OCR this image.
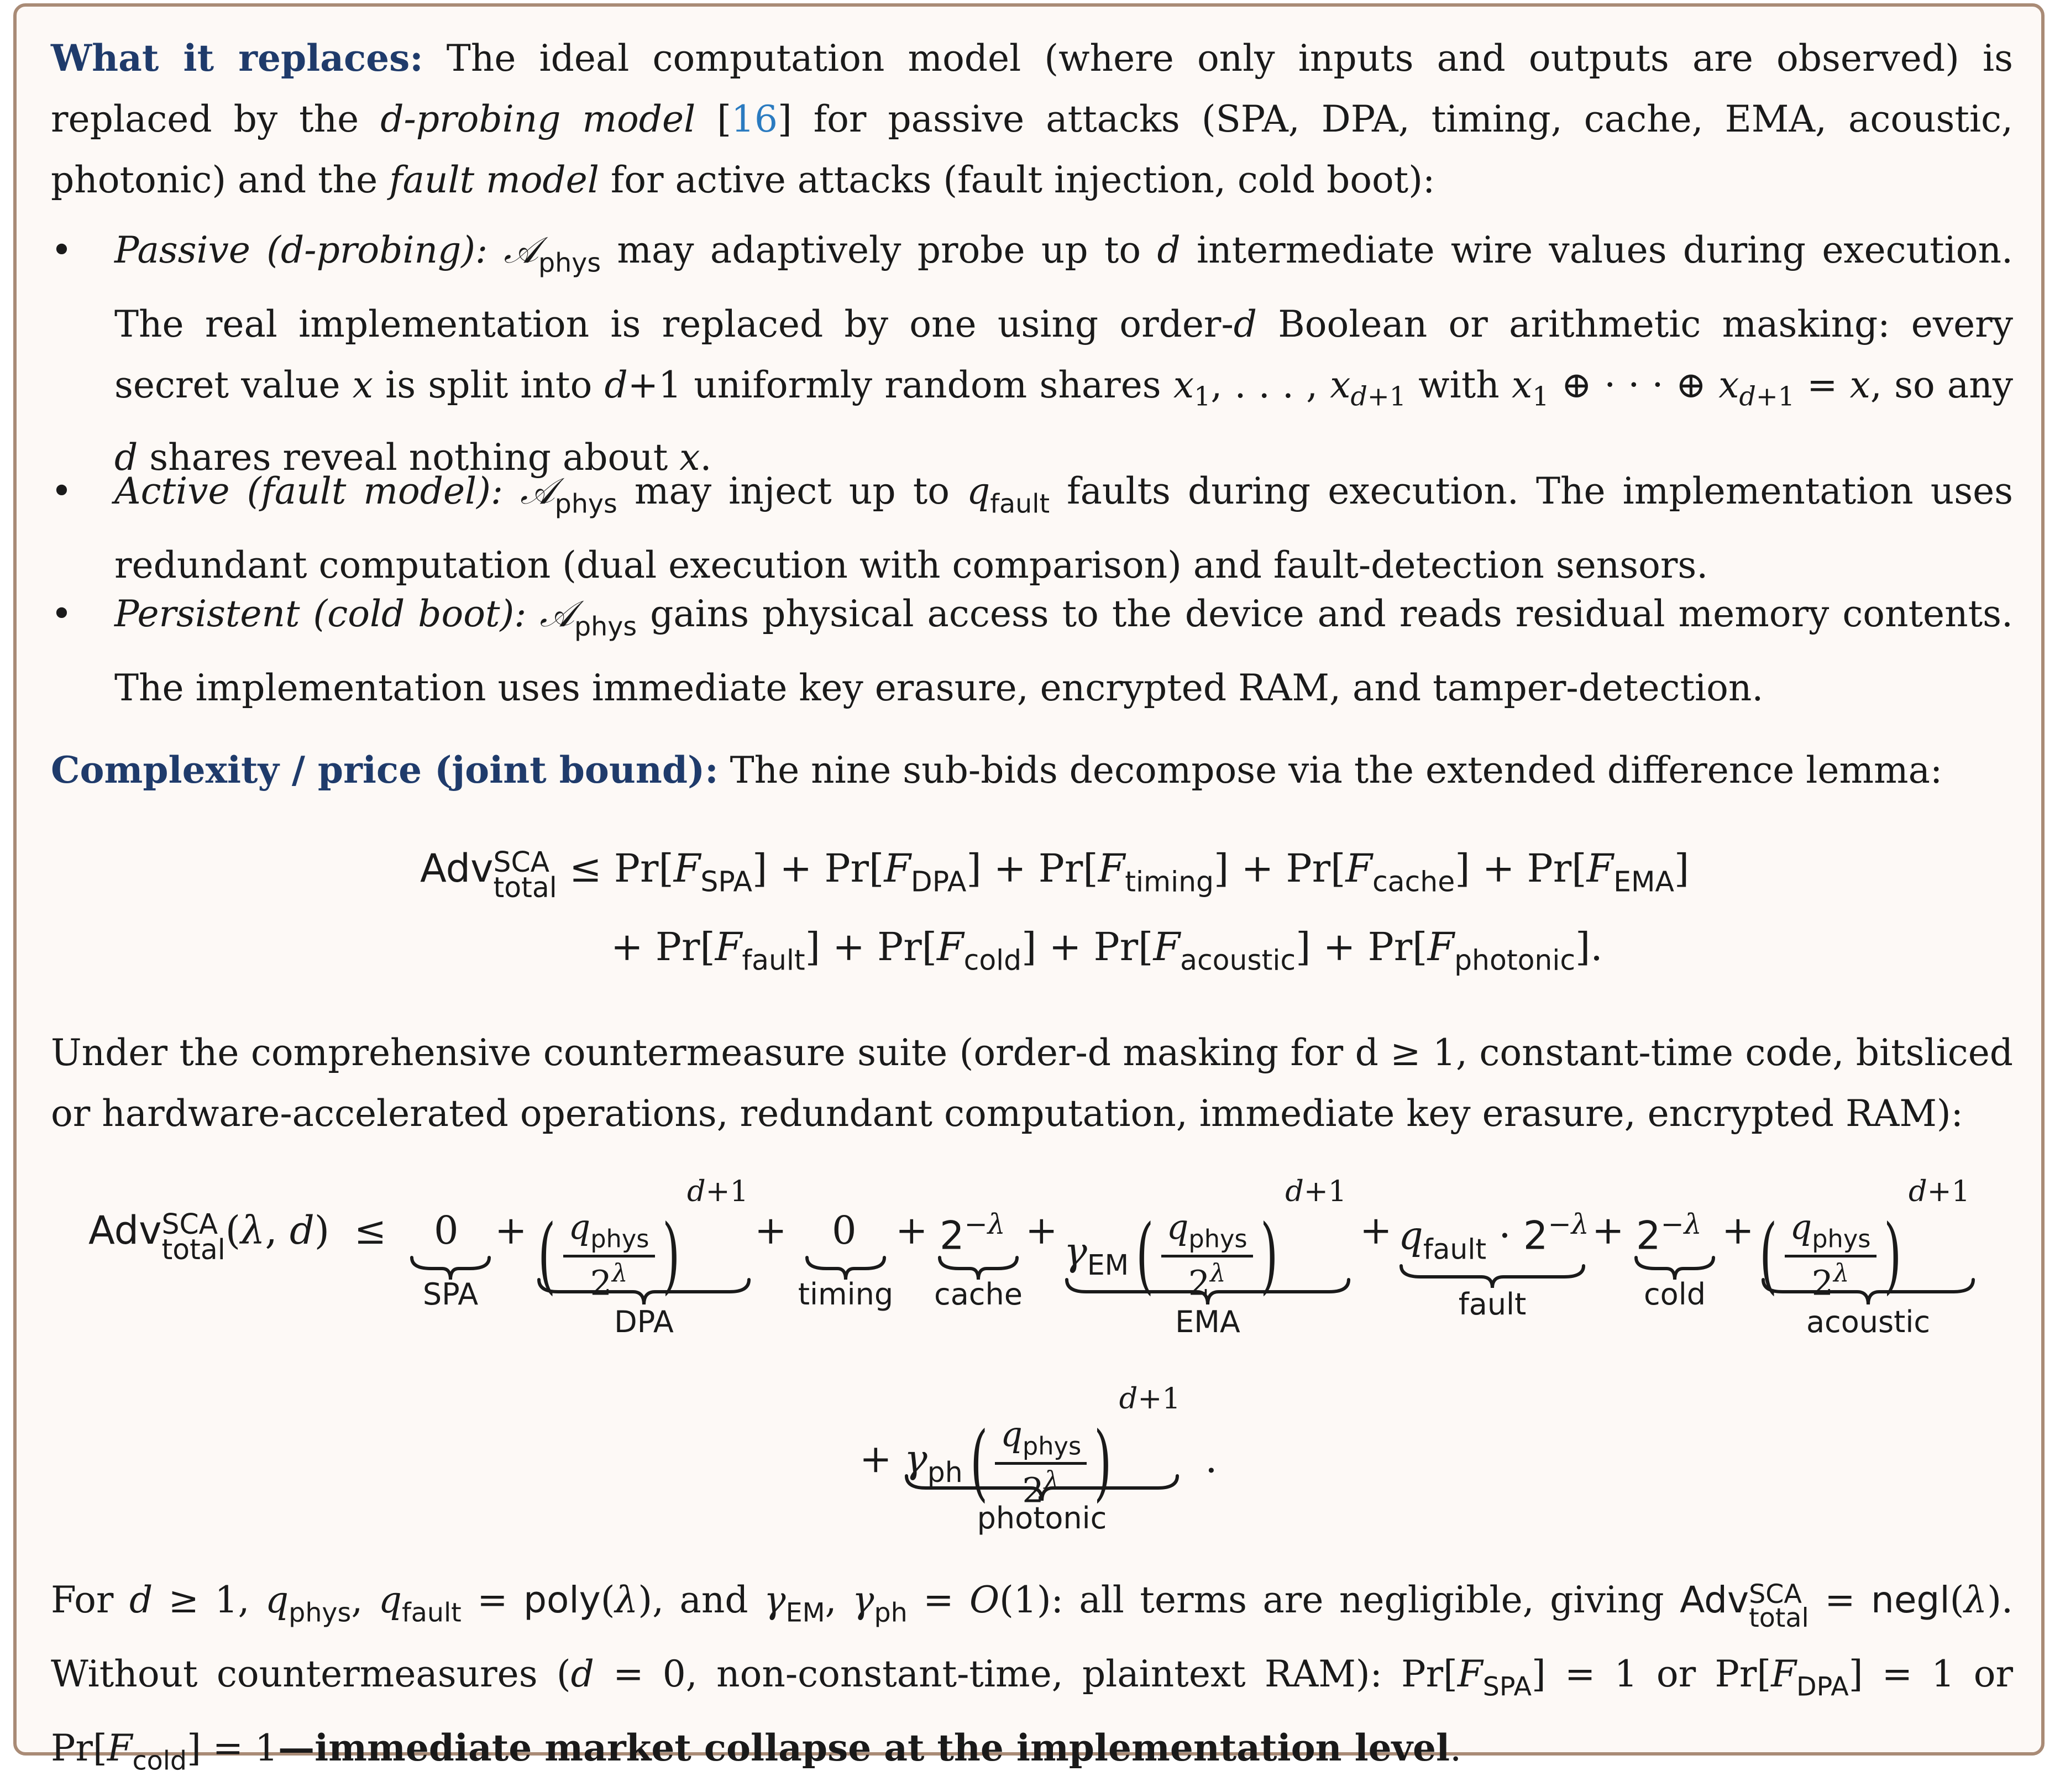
What it replaces: The ideal computation model (where only inputs and outputs are observed) is replaced by the d-probing model [16] for passive attacks (SPA, DPA, timing, cache, EMA, acoustic, photonic) and the fault model for active attacks (fault injection, cold boot):

• Passive (d-probing): 𝒜$_{phys}$ may adaptively probe up to d intermediate wire values during execution. The real implementation is replaced by one using order-d Boolean or arithmetic masking: every secret value x is split into d+1 uniformly random shares $x_1$, . . . , $x_{d+1}$ with $x_1$ ⊕ · · · ⊕ $x_{d+1} = x$, so any d shares reveal nothing about x.
• Active (fault model): 𝒜$_{phys}$ may inject up to $q_{fault}$ faults during execution. The implementation uses redundant computation (dual execution with comparison) and fault-detection sensors.
• Persistent (cold boot): 𝒜$_{phys}$ gains physical access to the device and reads residual memory contents. The implementation uses immediate key erasure, encrypted RAM, and tamper-detection.

Complexity / price (joint bound): The nine sub-bids decompose via the extended difference lemma:

Adv SCA
total ≤ $Pr[F_{SPA}] + Pr[F_{DPA}] + Pr[F_{timing}] + Pr[F_{cache}] + Pr[F_{EMA}]$
+ $Pr[F_{fault}] + Pr[F_{cold}] + Pr[F_{acoustic}] + Pr[F_{photonic}]$.

Under the comprehensive countermeasure suite (order-d masking for d ≥ 1, constant-time code, bitsliced or hardware-accelerated operations, redundant computation, immediate key erasure, encrypted RAM):

Adv SCA
total (λ, d)  ≤ 0
SPA
+ ( $\frac{q_{phys}}{2^\lambda} )^{d+1}$
DPA
+ 0
timing
+ $2^{-\lambda}$
cache
+ $\gamma_{EM}( \frac{q_{phys}}{2^\lambda} )^{d+1}$
EMA
+ $q_{fault} \cdot 2^{-\lambda}$
fault
+ $2^{-\lambda}$
cold
+ ( $\frac{q_{phys}}{2^\lambda} )^{d+1}$
acoustic
+ $\gamma_{ph}( \frac{q_{phys}}{2^\lambda} )^{d+1}$  .
photonic

For d ≥ 1, $q_{phys}$, $q_{fault}$ = poly(λ), and $\gamma_{EM}$, $\gamma_{ph} = O(1)$: all terms are negligible, giving Adv SCA
total = negl(λ). Without countermeasures (d = 0, non-constant-time, plaintext RAM): $Pr[F_{SPA}] = 1$ or $Pr[F_{DPA}] = 1$ or $Pr[F_{cold}]$ = 1—immediate market collapse at the implementation level.
